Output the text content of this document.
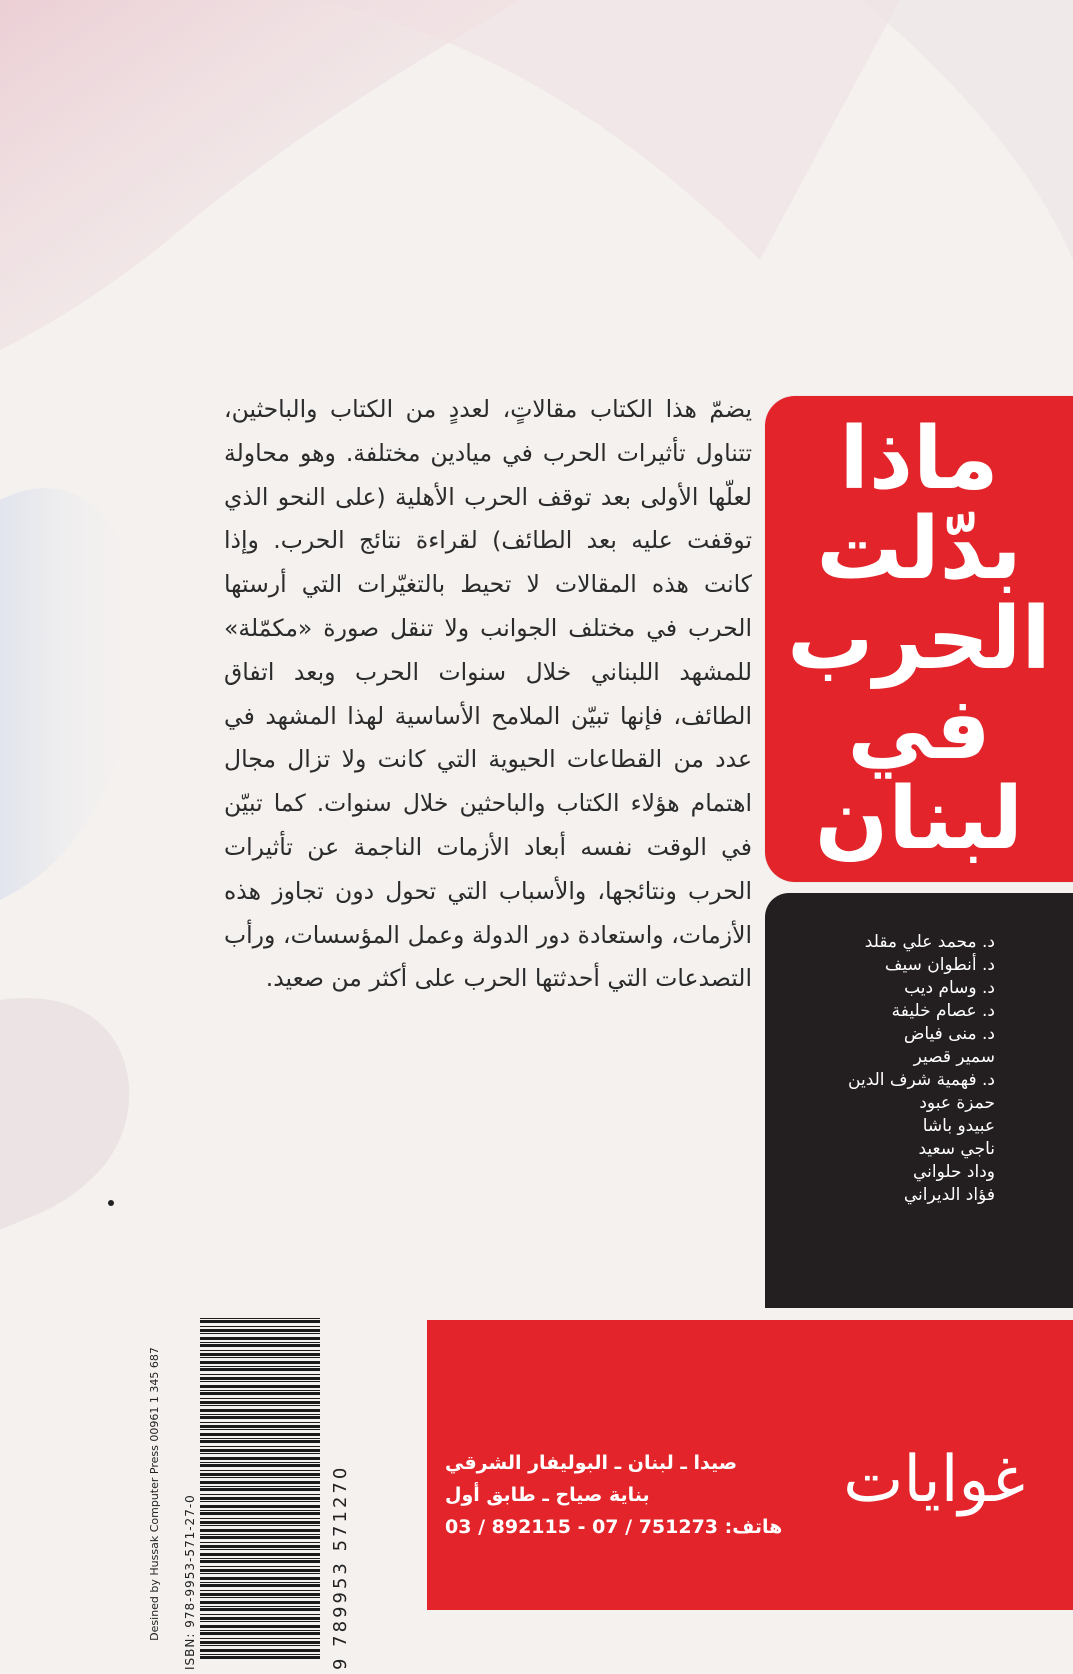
ماذا
بدّلت
الحرب
في
لبنان
يضمّ هذا الكتاب مقالاتٍ، لعددٍ من الكتاب والباحثين، تتناول تأثيرات الحرب في ميادين مختلفة. وهو محاولة لعلّها الأولى بعد توقف الحرب الأهلية (على النحو الذي توقفت عليه بعد الطائف) لقراءة نتائج الحرب. وإذا كانت هذه المقالات لا تحيط بالتغيّرات التي أرستها الحرب في مختلف الجوانب ولا تنقل صورة «مكمّلة» للمشهد اللبناني خلال سنوات الحرب وبعد اتفاق الطائف، فإنها تبيّن الملامح الأساسية لهذا المشهد في عدد من القطاعات الحيوية التي كانت ولا تزال مجال اهتمام هؤلاء الكتاب والباحثين خلال سنوات. كما تبيّن في الوقت نفسه أبعاد الأزمات الناجمة عن تأثيرات الحرب ونتائجها، والأسباب التي تحول دون تجاوز هذه الأزمات، واستعادة دور الدولة وعمل المؤسسات، ورأب التصدعات التي أحدثتها الحرب على أكثر من صعيد.
د. محمد علي مقلد
د. أنطوان سيف
د. وسام ديب
د. عصام خليفة
د. منى فياض
سمير قصير
د. فهمية شرف الدين
حمزة عبود
عبيدو باشا
ناجي سعيد
وداد حلواني
فؤاد الديراني
غوايات
صيدا ـ لبنان ـ البوليفار الشرقي
بناية صياح ـ طابق أول
هاتف: 751273 / 07 - 892115 / 03
Desined by Hussak Computer Press 00961 1 345 687 ISBN: 978-9953-571-27-0	9 789953 571270
